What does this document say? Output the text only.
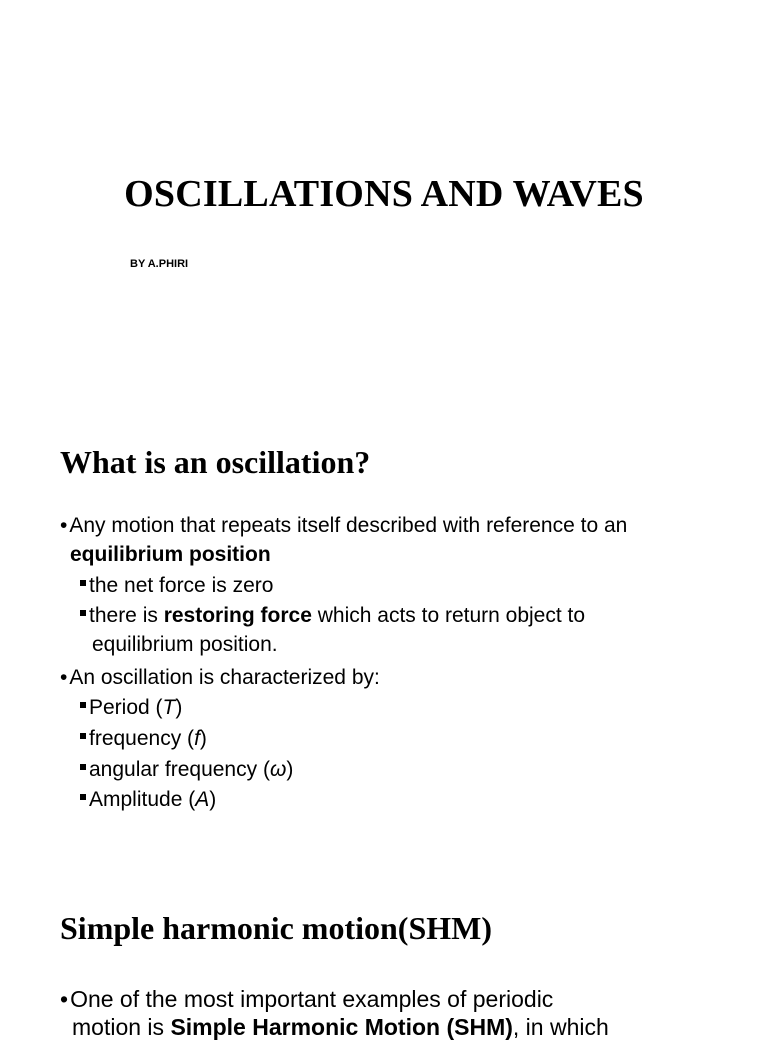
OSCILLATIONS AND WAVES

BY A.PHIRI

What is an oscillation?

• Any motion that repeats itself described with reference to an

equilibrium position

the net force is zero

there is restoring force which acts to return object to

equilibrium position.

• An oscillation is characterized by:

Period (T)

frequency (f)

angular frequency (ω)

Amplitude (A)

Simple harmonic motion(SHM)

• One of the most important examples of periodic

motion is Simple Harmonic Motion (SHM), in which
